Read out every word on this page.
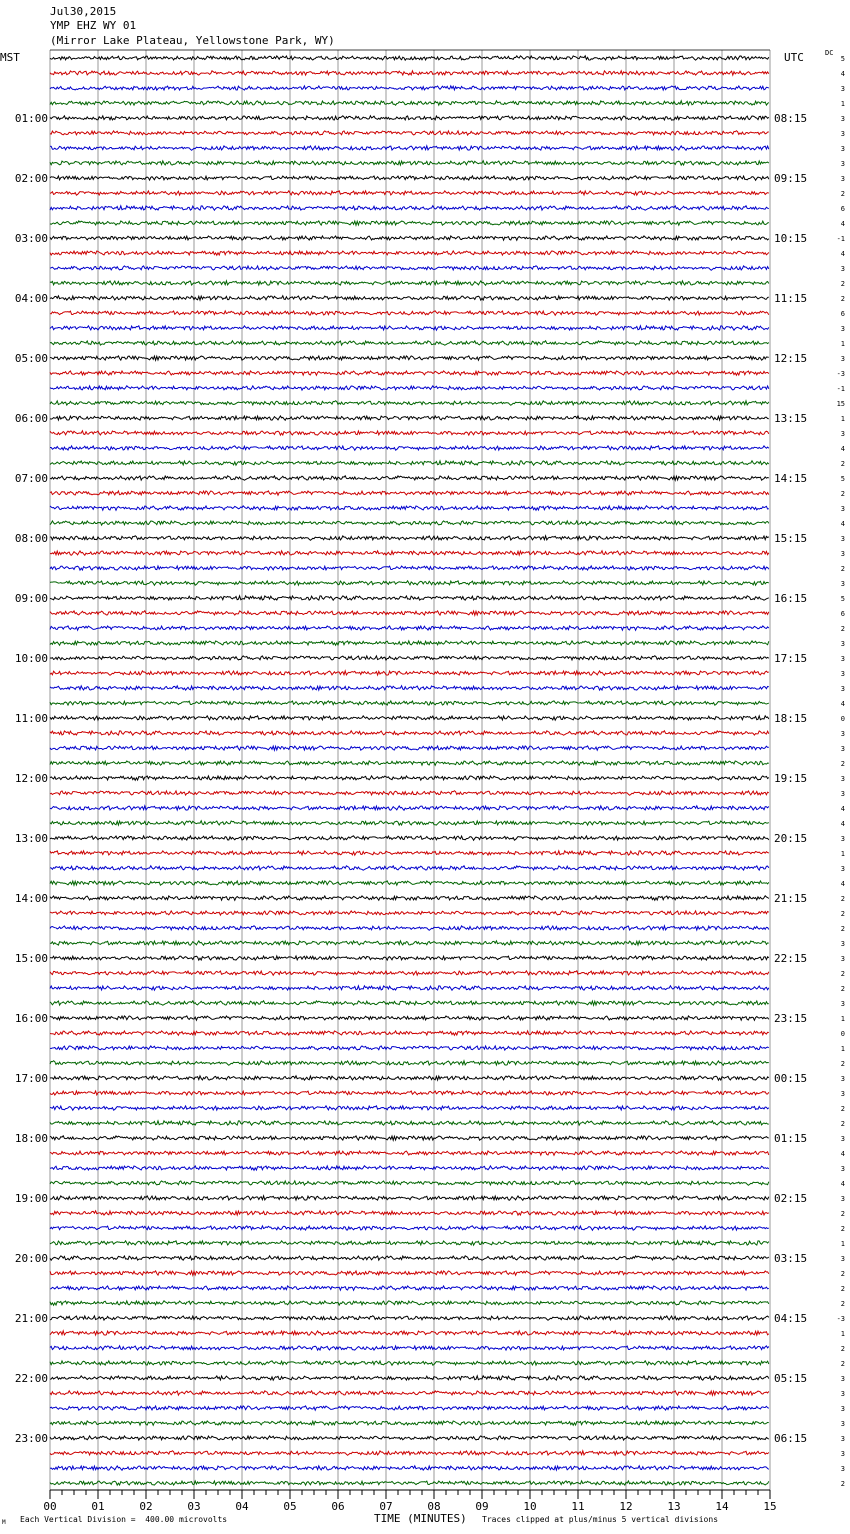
Jul30,2015
YMP EHZ WY 01
(Mirror Lake Plateau, Yellowstone Park, WY)
MST	UTC	DC
00	01	02	03	04	05	06	07	08	09	10	11	12	13	14	15
5
4
3
1
3
3
3
3
3
2
6
4
-1
4
3
2
2
6
3
1
3
-3
-1
15
1
3
4
2
5
2
3
4
3
3
2
3
5
6
2
3
3
3
3
4
0
3
3
2
3
3
4
4
3
1
3
4
2
2
2
3
3
2
2
3
1
0
1
2
3
3
2
2
3
4
3
4
3
2
2
1
3
2
2
2
-3
1
2
2
3
3
3
3
3
3
3
2
01:00
02:00
03:00
04:00
05:00
06:00
07:00
08:00
09:00
10:00
11:00
12:00
13:00
14:00
15:00
16:00
17:00
18:00
19:00
20:00
21:00
22:00
23:00
08:15
09:15
10:15
11:15
12:15
13:15
14:15
15:15
16:15
17:15
18:15
19:15
20:15
21:15
22:15
23:15
00:15
01:15
02:15
03:15
04:15
05:15
06:15
M Each Vertical Division =  400.00 microvolts	TIME (MINUTES) Traces clipped at plus/minus 5 vertical divisions
